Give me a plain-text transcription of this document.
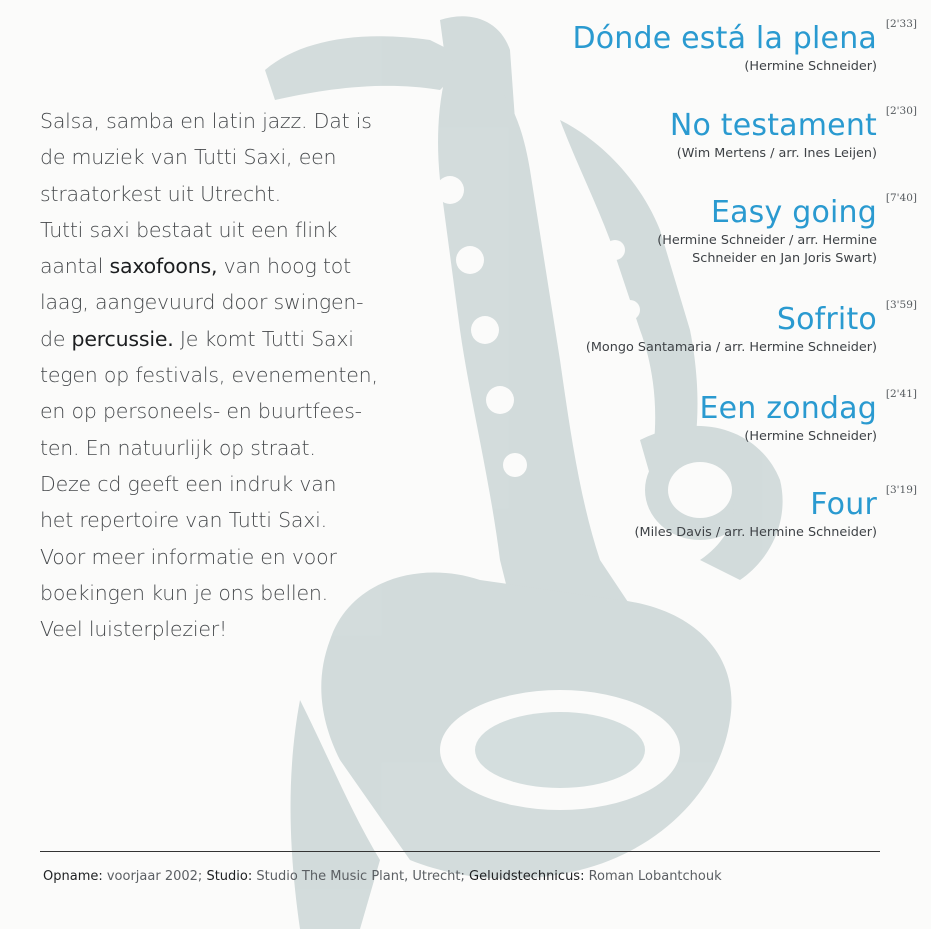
Salsa, samba en latin jazz. Dat is
de muziek van Tutti Saxi, een
straatorkest uit Utrecht.
Tutti saxi bestaat uit een flink
aantal saxofoons, van hoog tot
laag, aangevuurd door swingen-
de percussie. Je komt Tutti Saxi
tegen op festivals, evenementen,
en op personeels- en buurtfees-
ten. En natuurlijk op straat.
Deze cd geeft een indruk van
het repertoire van Tutti Saxi.
Voor meer informatie en voor
boekingen kun je ons bellen.
Veel luisterplezier!
Dónde está la plena [2'33]
(Hermine Schneider)
No testament [2'30]
(Wim Mertens / arr. Ines Leijen)
Easy going [7'40]
(Hermine Schneider / arr. Hermine
Schneider en Jan Joris Swart)
Sofrito [3'59]
(Mongo Santamaria / arr. Hermine Schneider)
Een zondag [2'41]
(Hermine Schneider)
Four [3'19]
(Miles Davis / arr. Hermine Schneider)
Opname: voorjaar 2002; Studio: Studio The Music Plant, Utrecht; Geluidstechnicus: Roman Lobantchouk
